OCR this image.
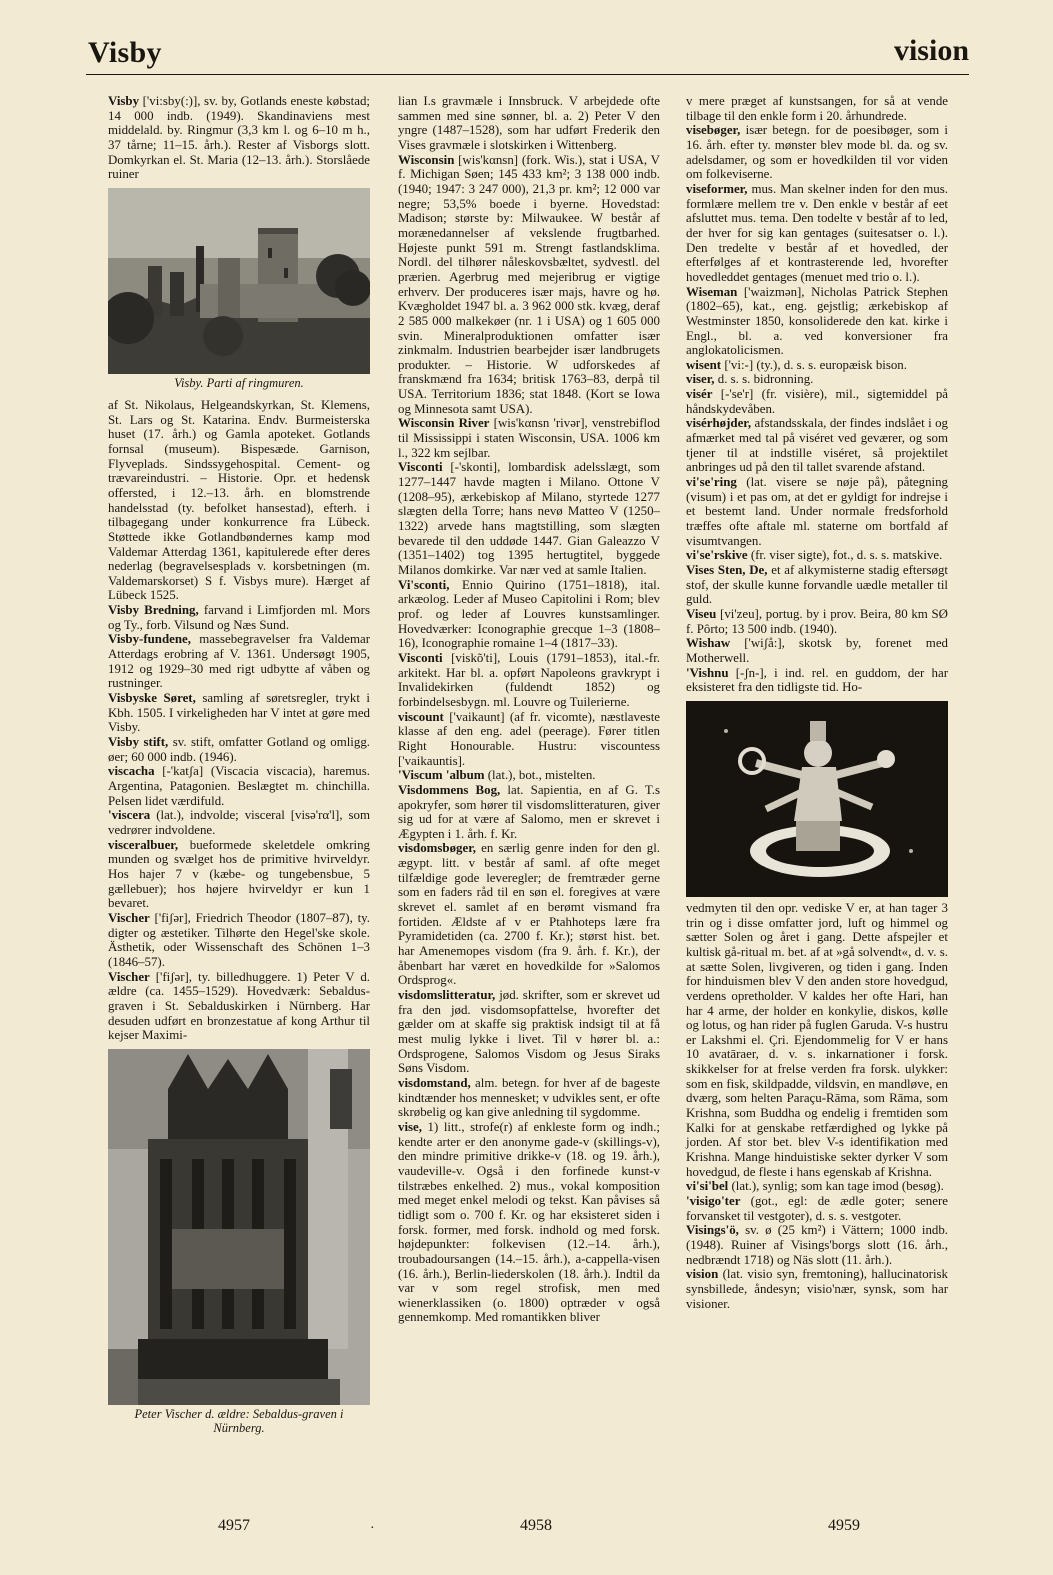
Visby	vision

Visby ['vi:sby(:)], sv. by, Gotlands eneste købstad; 14 000 indb. (1949). Skandinaviens mest middelald. by. Ringmur (3,3 km l. og 6–10 m h., 37 tårne; 11–15. årh.). Rester af Visborgs slott. Domkyrkan el. St. Maria (12–13. årh.). Storslåede ruiner

Visby. Parti af ringmuren.

af St. Nikolaus, Helgeandskyrkan, St. Klemens, St. Lars og St. Katarina. Endv. Burmeisterska huset (17. årh.) og Gamla apoteket. Gotlands fornsal (museum). Bispesæde. Garnison, Flyveplads. Sindssygehospital. Cement- og trævareindustri. – Historie. Opr. et hedensk offersted, i 12.–13. årh. en blomstrende handelsstad (ty. befolket hansestad), efterh. i tilbagegang under konkurrence fra Lübeck. Støttede ikke Gotlandbøndernes kamp mod Valdemar Atterdag 1361, kapitulerede efter deres nederlag (begravelsesplads v. korsbetningen (m. Valdemarskorset) S f. Visbys mure). Hærget af Lübeck 1525.

Visby Bredning, farvand i Limfjorden ml. Mors og Ty., forb. Vilsund og Næs Sund.

Visby-fundene, massebegravelser fra Valdemar Atterdags erobring af V. 1361. Undersøgt 1905, 1912 og 1929–30 med rigt udbytte af våben og rustninger.

Visbyske Søret, samling af søretsregler, trykt i Kbh. 1505. I virkeligheden har V intet at gøre med Visby.

Visby stift, sv. stift, omfatter Gotland og omligg. øer; 60 000 indb. (1946).

viscacha [-'katʃa] (Viscacia viscacia), haremus. Argentina, Patagonien. Beslægtet m. chinchilla. Pelsen lidet værdifuld.

'viscera (lat.), indvolde; visceral [visə'rα'l], som vedrører indvoldene.

visceralbuer, bueformede skeletdele omkring munden og svælget hos de primitive hvirveldyr. Hos hajer 7 v (kæbe- og tungebensbue, 5 gællebuer); hos højere hvirveldyr er kun 1 bevaret.

Vischer ['fiʃər], Friedrich Theodor (1807–87), ty. digter og æstetiker. Tilhørte den Hegel'ske skole. Ästhetik, oder Wissenschaft des Schönen 1–3 (1846–57).

Vischer ['fiʃər], ty. billedhuggere. 1) Peter V d. ældre (ca. 1455–1529). Hovedværk: Sebaldus-graven i St. Sebalduskirken i Nürnberg. Har desuden udført en bronzestatue af kong Arthur til kejser Maximi-

Peter Vischer d. ældre: Sebaldus-graven i Nürnberg.

lian I.s gravmæle i Innsbruck. V arbejdede ofte sammen med sine sønner, bl. a. 2) Peter V den yngre (1487–1528), som har udført Frederik den Vises gravmæle i slotskirken i Wittenberg.

Wisconsin [wis'kαnsn] (fork. Wis.), stat i USA, V f. Michigan Søen; 145 433 km²; 3 138 000 indb. (1940; 1947: 3 247 000), 21,3 pr. km²; 12 000 var negre; 53,5% boede i byerne. Hovedstad: Madison; største by: Milwaukee. W består af morænedannelser af vekslende frugtbarhed. Højeste punkt 591 m. Strengt fastlandsklima. Nordl. del tilhører nåleskovsbæltet, sydvestl. del prærien. Agerbrug med mejeribrug er vigtige erhverv. Der produceres især majs, havre og hø. Kvægholdet 1947 bl. a. 3 962 000 stk. kvæg, deraf 2 585 000 malkekøer (nr. 1 i USA) og 1 605 000 svin. Mineralproduktionen omfatter især zinkmalm. Industrien bearbejder især landbrugets produkter. – Historie. W udforskedes af franskmænd fra 1634; britisk 1763–83, derpå til USA. Territorium 1836; stat 1848. (Kort se Iowa og Minnesota samt USA).

Wisconsin River [wis'kαnsn 'rivər], venstrebiflod til Mississippi i staten Wisconsin, USA. 1006 km l., 322 km sejlbar.

Visconti [-'skonti], lombardisk adelsslægt, som 1277–1447 havde magten i Milano. Ottone V (1208–95), ærkebiskop af Milano, styrtede 1277 slægten della Torre; hans nevø Matteo V (1250–1322) arvede hans magtstilling, som slægten bevarede til den uddøde 1447. Gian Galeazzo V (1351–1402) tog 1395 hertugtitel, byggede Milanos domkirke. Var nær ved at samle Italien.

Vi'sconti, Ennio Quirino (1751–1818), ital. arkæolog. Leder af Museo Capitolini i Rom; blev prof. og leder af Louvres kunstsamlinger. Hovedværker: Iconographie grecque 1–3 (1808–16), Iconographie romaine 1–4 (1817–33).

Visconti [viskõ'ti], Louis (1791–1853), ital.-fr. arkitekt. Har bl. a. opført Napoleons gravkrypt i Invalidekirken (fuldendt 1852) og forbindelsesbygn. ml. Louvre og Tuilerierne.

viscount ['vaikaunt] (af fr. vicomte), næstlaveste klasse af den eng. adel (peerage). Fører titlen Right Honourable. Hustru: viscountess ['vaikauntis].

'Viscum 'album (lat.), bot., mistelten.

Visdommens Bog, lat. Sapientia, en af G. T.s apokryfer, som hører til visdomslitteraturen, giver sig ud for at være af Salomo, men er skrevet i Ægypten i 1. årh. f. Kr.

visdomsbøger, en særlig genre inden for den gl. ægypt. litt. v består af saml. af ofte meget tilfældige gode leveregler; de fremtræder gerne som en faders råd til en søn el. foregives at være skrevet el. samlet af en berømt vismand fra fortiden. Ældste af v er Ptahhoteps lære fra Pyramidetiden (ca. 2700 f. Kr.); størst hist. bet. har Amenemopes visdom (fra 9. årh. f. Kr.), der åbenbart har været en hovedkilde for »Salomos Ordsprog«.

visdomslitteratur, jød. skrifter, som er skrevet ud fra den jød. visdomsopfattelse, hvorefter det gælder om at skaffe sig praktisk indsigt til at få mest mulig lykke i livet. Til v hører bl. a.: Ordsprogene, Salomos Visdom og Jesus Siraks Søns Visdom.

visdomstand, alm. betegn. for hver af de bageste kindtænder hos mennesket; v udvikles sent, er ofte skrøbelig og kan give anledning til sygdomme.

vise, 1) litt., strofe(r) af enkleste form og indh.; kendte arter er den anonyme gade-v (skillings-v), den mindre primitive drikke-v (18. og 19. årh.), vaudeville-v. Også i den forfinede kunst-v tilstræbes enkelhed. 2) mus., vokal komposition med meget enkel melodi og tekst. Kan påvises så tidligt som o. 700 f. Kr. og har eksisteret siden i forsk. former, med forsk. indhold og med forsk. højdepunkter: folkevisen (12.–14. årh.), troubadoursangen (14.–15. årh.), a-cappella-visen (16. årh.), Berlin-liederskolen (18. årh.). Indtil da var v som regel strofisk, men med wienerklassiken (o. 1800) optræder v også gennemkomp. Med romantikken bliver

v mere præget af kunstsangen, for så at vende tilbage til den enkle form i 20. århundrede.

visebøger, især betegn. for de poesibøger, som i 16. årh. efter ty. mønster blev mode bl. da. og sv. adelsdamer, og som er hovedkilden til vor viden om folkeviserne.

viseformer, mus. Man skelner inden for den mus. formlære mellem tre v. Den enkle v består af eet afsluttet mus. tema. Den todelte v består af to led, der hver for sig kan gentages (suitesatser o. l.). Den tredelte v består af et hovedled, der efterfølges af et kontrasterende led, hvorefter hovedleddet gentages (menuet med trio o. l.).

Wiseman ['waizmən], Nicholas Patrick Stephen (1802–65), kat., eng. gejstlig; ærkebiskop af Westminster 1850, konsoliderede den kat. kirke i Engl., bl. a. ved konversioner fra anglokatolicismen.

wisent ['vi:-] (ty.), d. s. s. europæisk bison.

viser, d. s. s. bidronning.

visér [-'se'r] (fr. visière), mil., sigtemiddel på håndskydevåben.

visérhøjder, afstandsskala, der findes indslået i og afmærket med tal på viséret ved geværer, og som tjener til at indstille viséret, så projektilet anbringes ud på den til tallet svarende afstand.

vi'se'ring (lat. visere se nøje på), påtegning (visum) i et pas om, at det er gyldigt for indrejse i et bestemt land. Under normale fredsforhold træffes ofte aftale ml. staterne om bortfald af visumtvangen.

vi'se'rskive (fr. viser sigte), fot., d. s. s. matskive.

Vises Sten, De, et af alkymisterne stadig eftersøgt stof, der skulle kunne forvandle uædle metaller til guld.

Viseu [vi'zeu], portug. by i prov. Beira, 80 km SØ f. Pôrto; 13 500 indb. (1940).

Wishaw ['wiʃå:], skotsk by, forenet med Motherwell.

'Vishnu [-ʃn-], i ind. rel. en guddom, der har eksisteret fra den tidligste tid. Ho-

vedmyten til den opr. vediske V er, at han tager 3 trin og i disse omfatter jord, luft og himmel og sætter Solen og året i gang. Dette afspejler et kultisk gå-ritual m. bet. af at »gå solvendt«, d. v. s. at sætte Solen, livgiveren, og tiden i gang. Inden for hinduismen blev V den anden store hovedgud, verdens opretholder. V kaldes her ofte Hari, han har 4 arme, der holder en konkylie, diskos, kølle og lotus, og han rider på fuglen Garuda. V-s hustru er Lakshmi el. Çri. Ejendommelig for V er hans 10 avatāraer, d. v. s. inkarnationer i forsk. skikkelser for at frelse verden fra forsk. ulykker: som en fisk, skildpadde, vildsvin, en mandløve, en dværg, som helten Paraçu-Rāma, som Rāma, som Krishna, som Buddha og endelig i fremtiden som Kalki for at genskabe retfærdighed og lykke på jorden. Af stor bet. blev V-s identifikation med Krishna. Mange hinduistiske sekter dyrker V som hovedgud, de fleste i hans egenskab af Krishna.

vi'si'bel (lat.), synlig; som kan tage imod (besøg).

'visigo'ter (got., egl: de ædle goter; senere forvansket til vestgoter), d. s. s. vestgoter.

Visings'ö, sv. ø (25 km²) i Vättern; 1000 indb. (1948). Ruiner af Visings'borgs slott (16. årh., nedbrændt 1718) og Näs slott (11. årh.).

vision (lat. visio syn, fremtoning), hallucinatorisk synsbillede, åndesyn; visio'nær, synsk, som har visioner.

4957	·	4958	4959
